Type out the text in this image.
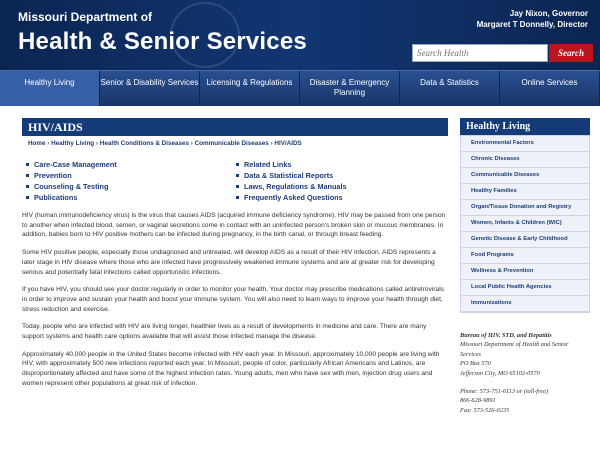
Missouri Department of
Health & Senior Services
Jay Nixon, Governor
Margaret T Donnelly, Director
Search Health
Search
Healthy Living	Senior & Disability Services	Licensing & Regulations	Disaster & Emergency Planning
Data & Statistics	Online Services
HIV/AIDS
Home › Healthy Living › Health Conditions & Diseases › Communicable Diseases › HIV/AIDS
Care-Case Management
Prevention
Counseling & Testing
Publications
Related Links
Data & Statistical Reports
Laws, Regulations & Manuals
Frequently Asked Questions

HIV (human immunodeficiency virus) is the virus that causes AIDS (acquired immune deficiency syndrome). HIV may be passed from one person to another when infected blood, semen, or vaginal secretions come in contact with an uninfected person's broken skin or mucous membranes. In addition, babies born to HIV positive mothers can be infected during pregnancy, in the birth canal, or through breast feeding.

Some HIV positive people, especially those undiagnosed and untreated, will develop AIDS as a result of their HIV infection. AIDS represents a later stage in HIV disease where those who are infected have progressively weakened immune systems and are at greater risk for developing serious and potentially fatal infections called opportunistic infections.

If you have HIV, you should see your doctor regularly in order to monitor your health. Your doctor may prescribe medications called antiretrovirals in order to improve and sustain your health and boost your immune system. You will also need to learn ways to improve your health through diet, stress reduction and exercise.

Today, people who are infected with HIV are living longer, healthier lives as a result of developments in medicine and care. There are many support systems and health care options available that will assist those infected manage the disease.

Approximately 40,000 people in the United States become infected with HIV each year. In Missouri, approximately 10,000 people are living with HIV, with approximately 500 new infections reported each year. In Missouri, people of color, particularly African Americans and Latinos, are disproportionately affected and have some of the highest infection rates. Young adults, men who have sex with men, injection drug users and women represent other populations at great risk of infection.

Healthy Living
Environmental Factors
Chronic Diseases
Communicable Diseases
Healthy Families
Organ/Tissue Donation and Registry
Women, Infants & Children (WIC)
Genetic Disease & Early Childhood
Food Programs
Wellness & Prevention
Local Public Health Agencies
Immunizations
Bureau of HIV, STD, and Hepatitis
Missouri Department of Health and Senior Services
PO Box 570
Jefferson City, MO 65102-0570
Phone: 573-751-6113 or (toll-free)
866-628-9891
Fax: 573-526-0235
